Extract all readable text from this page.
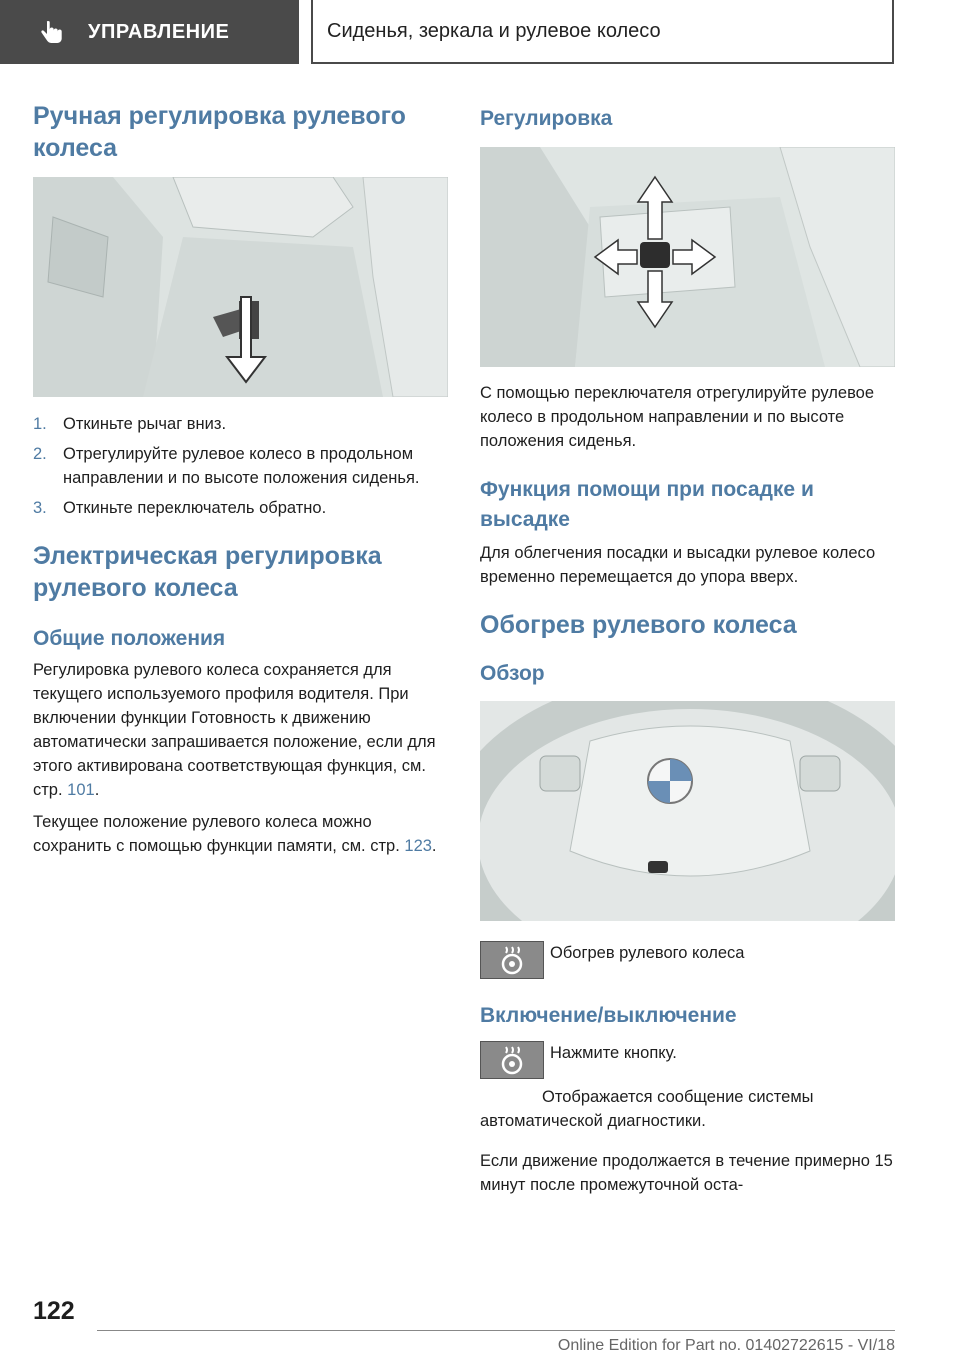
УПРАВЛЕНИЕ	Сиденья, зеркала и рулевое колесо
Ручная регулировка рулевого колеса
1. Откиньте рычаг вниз.
2. Отрегулируйте рулевое колесо в продольном направлении и по высоте положения сиденья.
3. Откиньте переключатель обратно.
Электрическая регулировка рулевого колеса
Общие положения

Регулировка рулевого колеса сохраняется для текущего используемого профиля водителя. При включении функции Готовность к движению автоматически запрашивается положение, если для этого активирована соответствующая функция, см. стр. 101.

Текущее положение рулевого колеса можно сохранить с помощью функции памяти, см. стр. 123.

Регулировка

С помощью переключателя отрегулируйте рулевое колесо в продольном направлении и по высоте положения сиденья.

Функция помощи при посадке и высадке

Для облегчения посадки и высадки рулевое колесо временно перемещается до упора вверх.

Обогрев рулевого колеса
Обзор

Обогрев рулевого колеса

Включение/выключение

Нажмите кнопку.

Отображается сообщение системы автоматической диагностики.

Если движение продолжается в течение примерно 15 минут после промежуточной оста-

122
Online Edition for Part no. 01402722615 - VI/18
